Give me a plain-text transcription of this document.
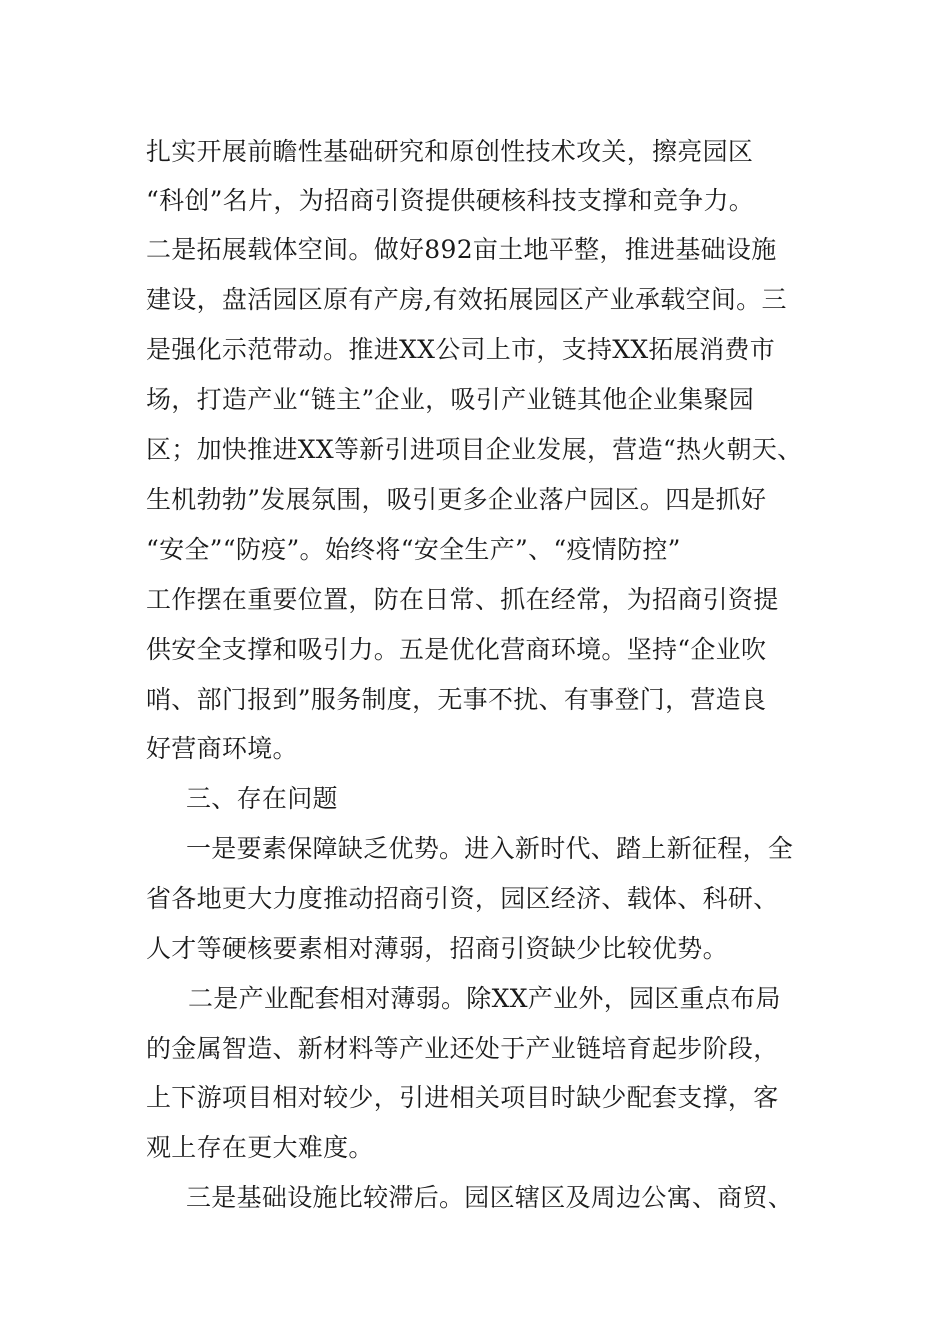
扎实开展前瞻性基础研究和原创性技术攻关，擦亮园区
“科创”名片，为招商引资提供硬核科技支撑和竞争力。
二是拓展载体空间。做好892亩土地平整，推进基础设施
建设，盘活园区原有产房,有效拓展园区产业承载空间。三
是强化示范带动。推进XX公司上市，支持XX拓展消费市
场，打造产业“链主”企业，吸引产业链其他企业集聚园
区；加快推进XX等新引进项目企业发展，营造“热火朝天、
生机勃勃”发展氛围，吸引更多企业落户园区。四是抓好
“安全”“防疫”。始终将“安全生产”、“疫情防控”
工作摆在重要位置，防在日常、抓在经常，为招商引资提
供安全支撑和吸引力。五是优化营商环境。坚持“企业吹
哨、部门报到”服务制度，无事不扰、有事登门，营造良
好营商环境。
三、存在问题
一是要素保障缺乏优势。进入新时代、踏上新征程，全
省各地更大力度推动招商引资，园区经济、载体、科研、
人才等硬核要素相对薄弱，招商引资缺少比较优势。
二是产业配套相对薄弱。除XX产业外，园区重点布局
的金属智造、新材料等产业还处于产业链培育起步阶段，
上下游项目相对较少，引进相关项目时缺少配套支撑，客
观上存在更大难度。
三是基础设施比较滞后。园区辖区及周边公寓、商贸、
